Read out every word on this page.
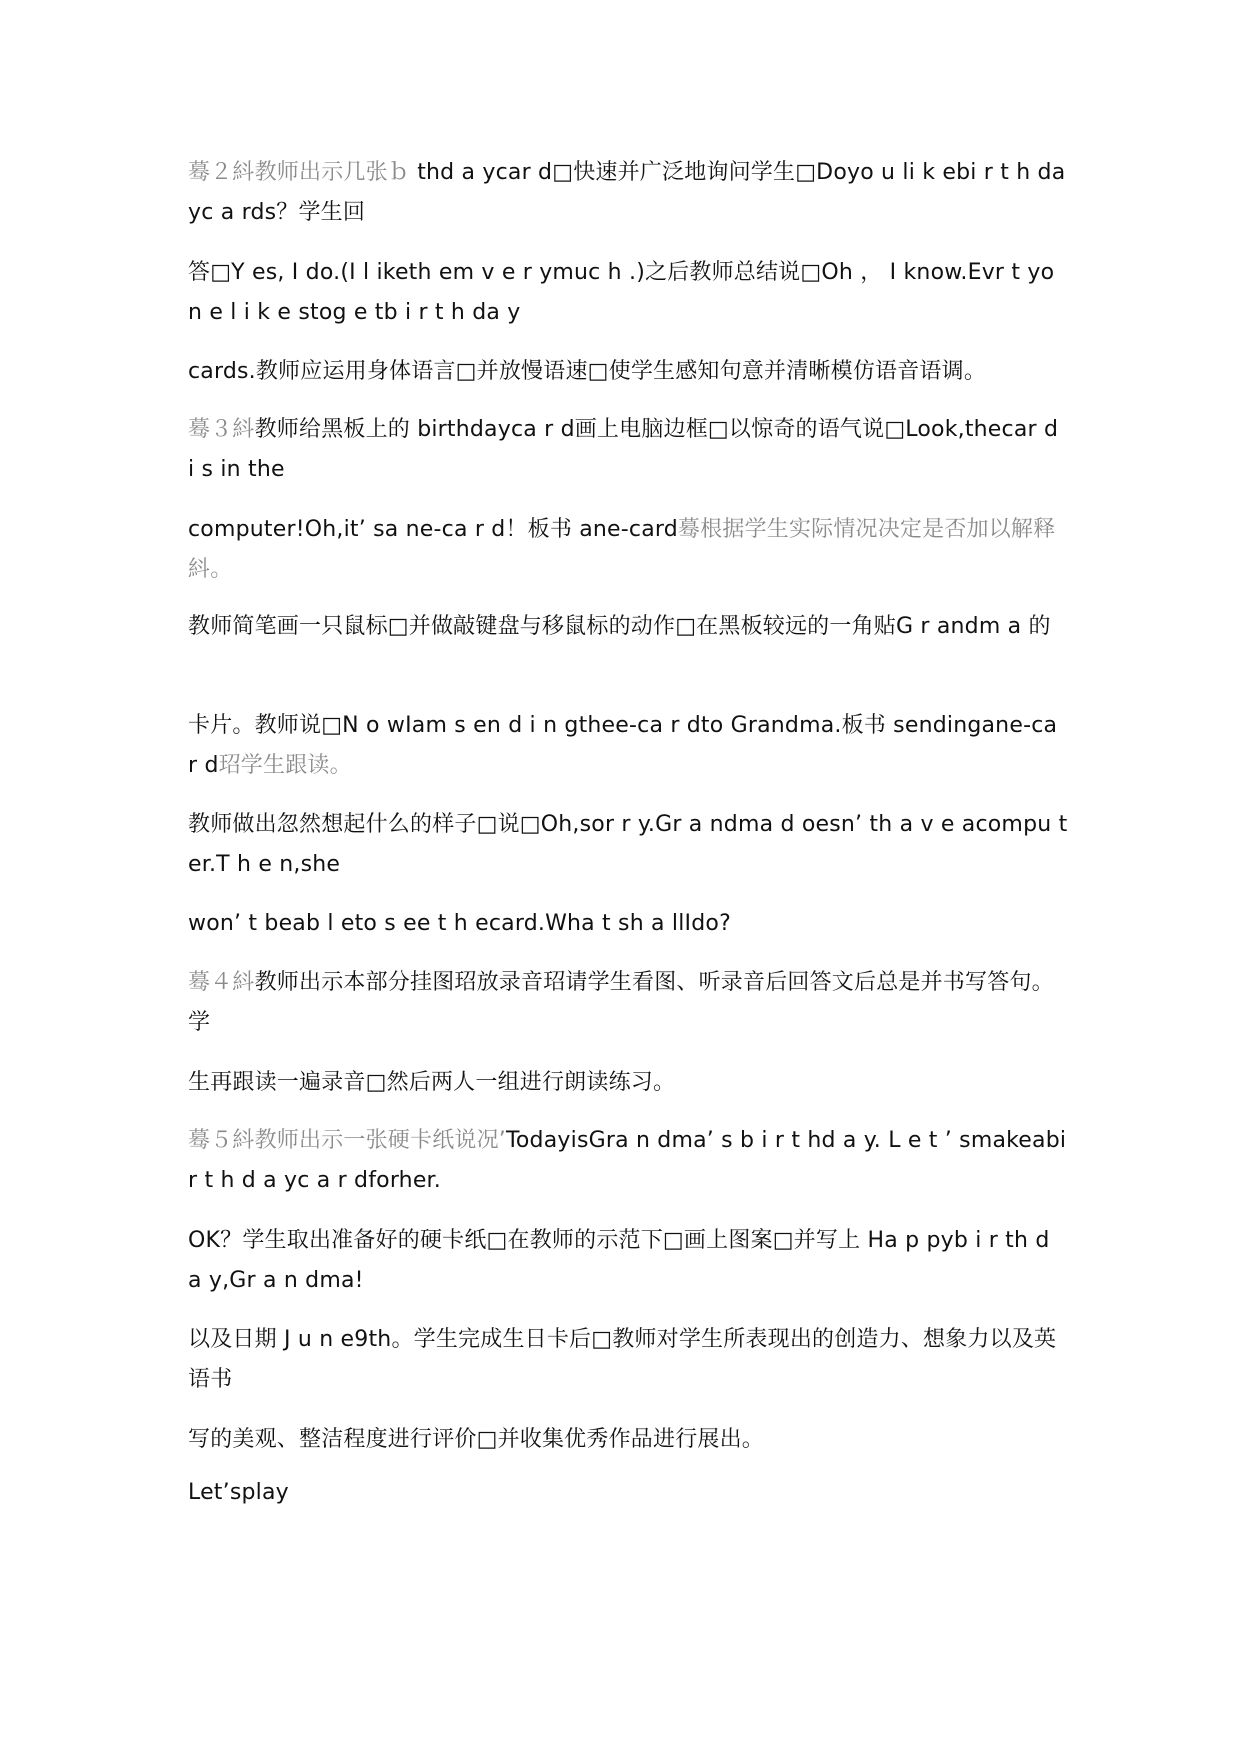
蓦２紏教师出示几张ｂ thd a ycar d□快速并广泛地询问学生□Doyo u li k ebi r t h dayc a rds？学生回
答□Y es, I do.(I l iketh em v e r ymuc h .)之后教师总结说□Oh ， I know.Evr t yon e l i k e stog e tb i r t h da y
cards.教师应运用身体语言□并放慢语速□使学生感知句意并清晰模仿语音语调。
蓦３紏教师给黑板上的 birthdayca r d画上电脑边框□以惊奇的语气说□Look,thecar d i s in the
computer!Oh,it’ sa ne-ca r d！板书 ane-card蓦根据学生实际情况决定是否加以解释紏。
教师简笔画一只鼠标□并做敲键盘与移鼠标的动作□在黑板较远的一角贴G r andm a 的
卡片。教师说□N o wIam s en d i n gthee-ca r dto Grandma.板书 sendingane-ca r d玿学生跟读。
教师做出忽然想起什么的样子□说□Oh,sor r y.Gr a ndma d oesn’ th a v e acompu ter.T h e n,she
won’ t beab l eto s ee t h ecard.Wha t sh a llIdo?
蓦４紏教师出示本部分挂图玿放录音玿请学生看图、听录音后回答文后总是并书写答句。学
生再跟读一遍录音□然后两人一组进行朗读练习。
蓦５紏教师出示一张硬卡纸说况’TodayisGra n dma’ s b i r t hd a y. L e t ’ smakeabir t h d a yc a r dforher.
OK？学生取出准备好的硬卡纸□在教师的示范下□画上图案□并写上 Ha p pyb i r th d a y,Gr a n dma!
以及日期 J u n e9th。学生完成生日卡后□教师对学生所表现出的创造力、想象力以及英语书
写的美观、整洁程度进行评价□并收集优秀作品进行展出。
Let’splay
